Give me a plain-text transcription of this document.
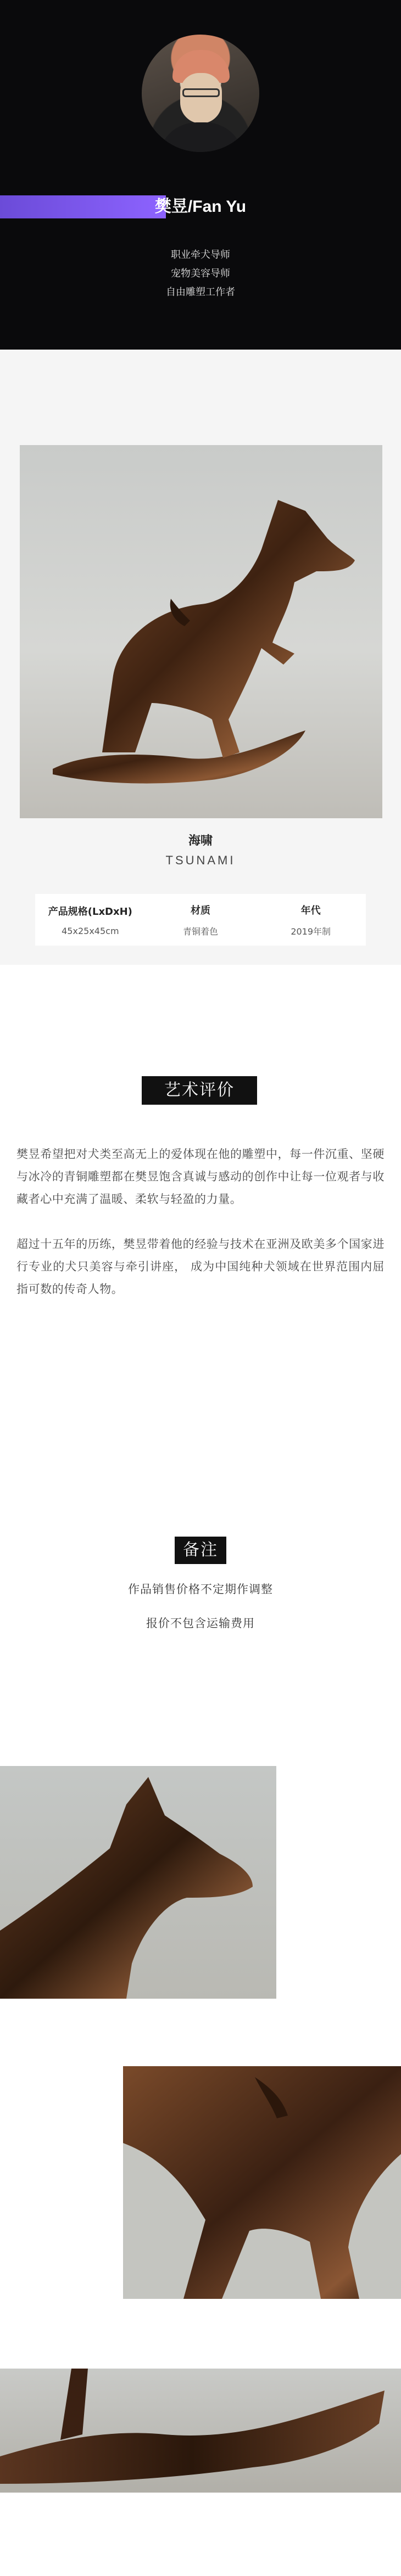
樊昱/Fan Yu
职业牵犬导师
宠物美容导师
自由雕塑工作者
海啸
TSUNAMI
产品规格(LxDxH)
45x25x45cm
材质
青铜着色
年代
2019年制
艺术评价

樊昱希望把对犬类至高无上的爱体现在他的雕塑中，每一件沉重、坚硬与冰冷的青铜雕塑都在樊昱饱含真诚与感动的创作中让每一位观者与收藏者心中充满了温暖、柔软与轻盈的力量。

超过十五年的历练，樊昱带着他的经验与技术在亚洲及欧美多个国家进行专业的犬只美容与牵引讲座， 成为中国纯种犬领域在世界范围内屈指可数的传奇人物。

备注
作品销售价格不定期作调整
报价不包含运输费用
